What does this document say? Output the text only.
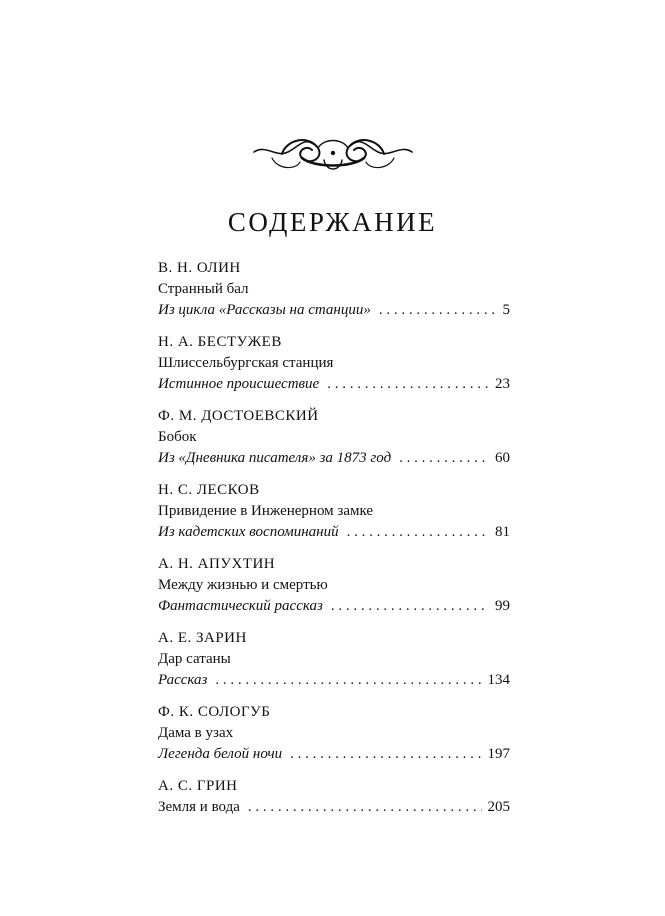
СОДЕРЖАНИЕ
В. Н. ОЛИН
Странный бал
Из цикла «Рассказы на станции» . . .	5
Н. А. БЕСТУЖЕВ
Шлиссельбургская станция
Истинное происшествие . . .	23
Ф. М. ДОСТОЕВСКИЙ
Бобок
Из «Дневника писателя» за 1873 год . . .	60
Н. С. ЛЕСКОВ
Привидение в Инженерном замке
Из кадетских воспоминаний . . .	81
А. Н. АПУХТИН
Между жизнью и смертью
Фантастический рассказ . . .	99
А. Е. ЗАРИН
Дар сатаны
Рассказ . . .	134
Ф. К. СОЛОГУБ
Дама в узах
Легенда белой ночи . . .	197
А. С. ГРИН
Земля и вода . . .	205
